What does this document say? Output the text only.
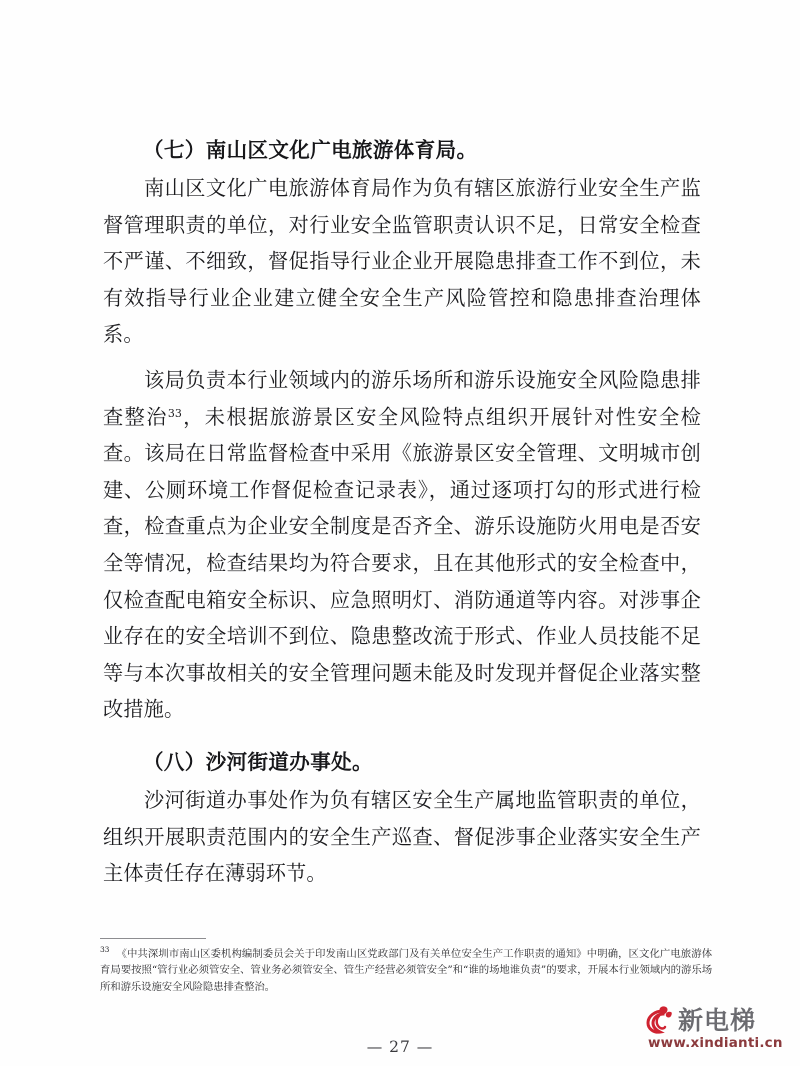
（七）南山区文化广电旅游体育局。

南山区文化广电旅游体育局作为负有辖区旅游行业安全生产监督管理职责的单位，对行业安全监管职责认识不足，日常安全检查不严谨、不细致，督促指导行业企业开展隐患排查工作不到位，未有效指导行业企业建立健全安全生产风险管控和隐患排查治理体系。

该局负责本行业领域内的游乐场所和游乐设施安全风险隐患排查整治$^{33}$，未根据旅游景区安全风险特点组织开展针对性安全检查。该局在日常监督检查中采用《旅游景区安全管理、文明城市创建、公厕环境工作督促检查记录表》，通过逐项打勾的形式进行检查，检查重点为企业安全制度是否齐全、游乐设施防火用电是否安全等情况，检查结果均为符合要求，且在其他形式的安全检查中，仅检查配电箱安全标识、应急照明灯、消防通道等内容。对涉事企业存在的安全培训不到位、隐患整改流于形式、作业人员技能不足等与本次事故相关的安全管理问题未能及时发现并督促企业落实整改措施。

（八）沙河街道办事处。

沙河街道办事处作为负有辖区安全生产属地监管职责的单位，组织开展职责范围内的安全生产巡查、督促涉事企业落实安全生产主体责任存在薄弱环节。

$^{33}$ 《中共深圳市南山区委机构编制委员会关于印发南山区党政部门及有关单位安全生产工作职责的通知》中明确，区文化广电旅游体育局要按照“管行业必须管安全、管业务必须管安全、管生产经营必须管安全”和“谁的场地谁负责”的要求，开展本行业领域内的游乐场所和游乐设施安全风险隐患排查整治。

新电梯
www.xindianti.cn
— 27 —
